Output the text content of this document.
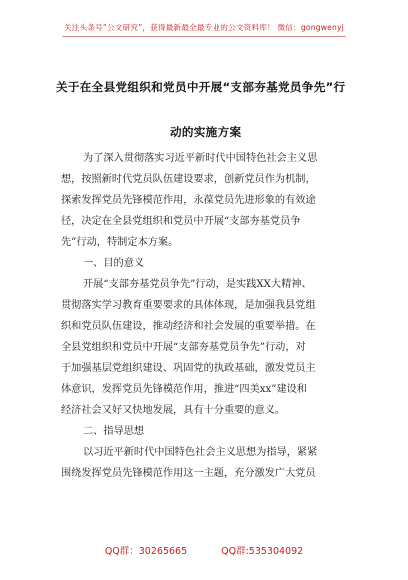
关注头条号“公文研究”，获得最新最全最专业的公文资料库！ 微信：gongwenyj
关于在全县党组织和党员中开展“支部夯基党员争先”行
动的实施方案
为了深入贯彻落实习近平新时代中国特色社会主义思
想，按照新时代党员队伍建设要求，创新党员作为机制，
探索发挥党员先锋模范作用，永葆党员先进形象的有效途
径，决定在全县党组织和党员中开展“支部夯基党员争
先”行动，特制定本方案。
一、目的意义
开展“支部夯基党员争先”行动，是实践XX大精神、
贯彻落实学习教育重要要求的具体体现，是加强我县党组
织和党员队伍建设，推动经济和社会发展的重要举措。在
全县党组织和党员中开展“支部夯基党员争先”行动，对
于加强基层党组织建设、巩固党的执政基础，激发党员主
体意识，发挥党员先锋模范作用，推进“四美xx”建设和
经济社会又好又快地发展，具有十分重要的意义。
二、指导思想
以习近平新时代中国特色社会主义思想为指导，紧紧
围绕发挥党员先锋模范作用这一主题，充分激发广大党员
QQ群：30265665	QQ群:535304092
